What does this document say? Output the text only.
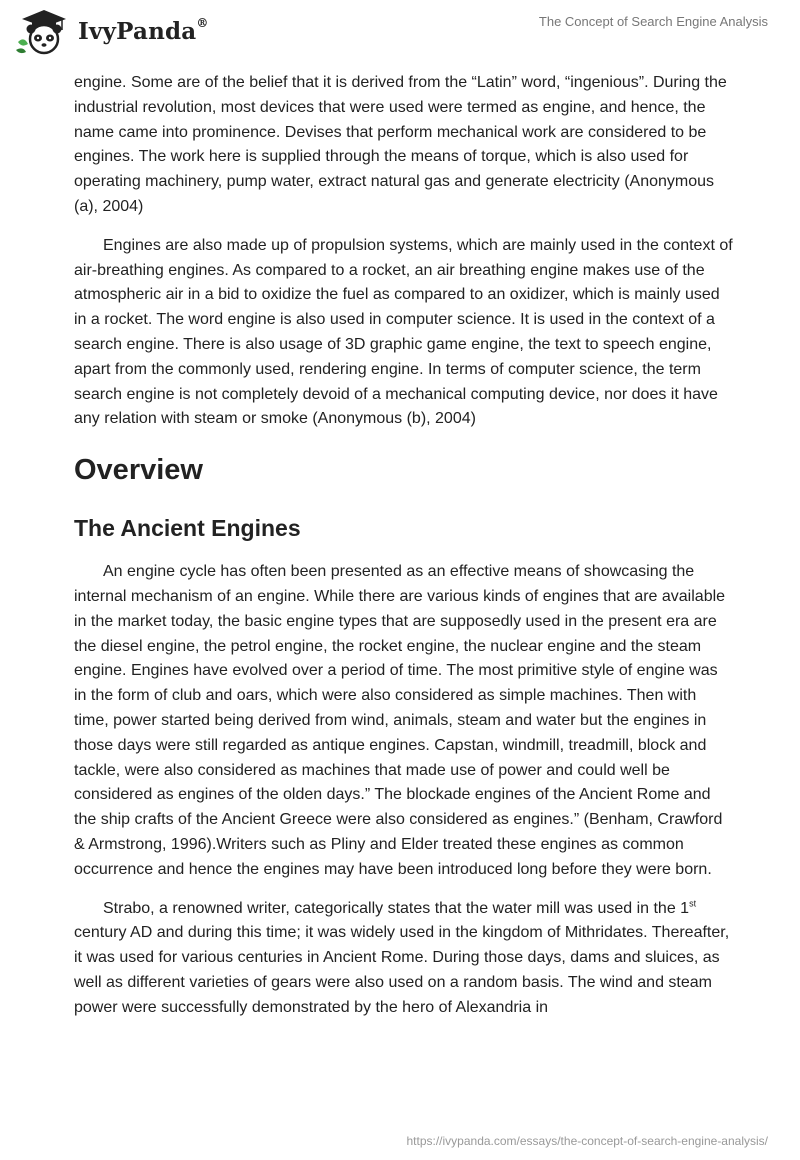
IvyPanda®	The Concept of Search Engine Analysis

engine. Some are of the belief that it is derived from the “Latin” word, “ingenious”. During the industrial revolution, most devices that were used were termed as engine, and hence, the name came into prominence. Devises that perform mechanical work are considered to be engines. The work here is supplied through the means of torque, which is also used for operating machinery, pump water, extract natural gas and generate electricity (Anonymous (a), 2004)

Engines are also made up of propulsion systems, which are mainly used in the context of air-breathing engines. As compared to a rocket, an air breathing engine makes use of the atmospheric air in a bid to oxidize the fuel as compared to an oxidizer, which is mainly used in a rocket. The word engine is also used in computer science. It is used in the context of a search engine. There is also usage of 3D graphic game engine, the text to speech engine, apart from the commonly used, rendering engine. In terms of computer science, the term search engine is not completely devoid of a mechanical computing device, nor does it have any relation with steam or smoke (Anonymous (b), 2004)

Overview
The Ancient Engines

An engine cycle has often been presented as an effective means of showcasing the internal mechanism of an engine. While there are various kinds of engines that are available in the market today, the basic engine types that are supposedly used in the present era are the diesel engine, the petrol engine, the rocket engine, the nuclear engine and the steam engine. Engines have evolved over a period of time. The most primitive style of engine was in the form of club and oars, which were also considered as simple machines. Then with time, power started being derived from wind, animals, steam and water but the engines in those days were still regarded as antique engines. Capstan, windmill, treadmill, block and tackle, were also considered as machines that made use of power and could well be considered as engines of the olden days.” The blockade engines of the Ancient Rome and the ship crafts of the Ancient Greece were also considered as engines.” (Benham, Crawford & Armstrong, 1996).Writers such as Pliny and Elder treated these engines as common occurrence and hence the engines may have been introduced long before they were born.

Strabo, a renowned writer, categorically states that the water mill was used in the 1st century AD and during this time; it was widely used in the kingdom of Mithridates. Thereafter, it was used for various centuries in Ancient Rome. During those days, dams and sluices, as well as different varieties of gears were also used on a random basis. The wind and steam power were successfully demonstrated by the hero of Alexandria in

https://ivypanda.com/essays/the-concept-of-search-engine-analysis/
